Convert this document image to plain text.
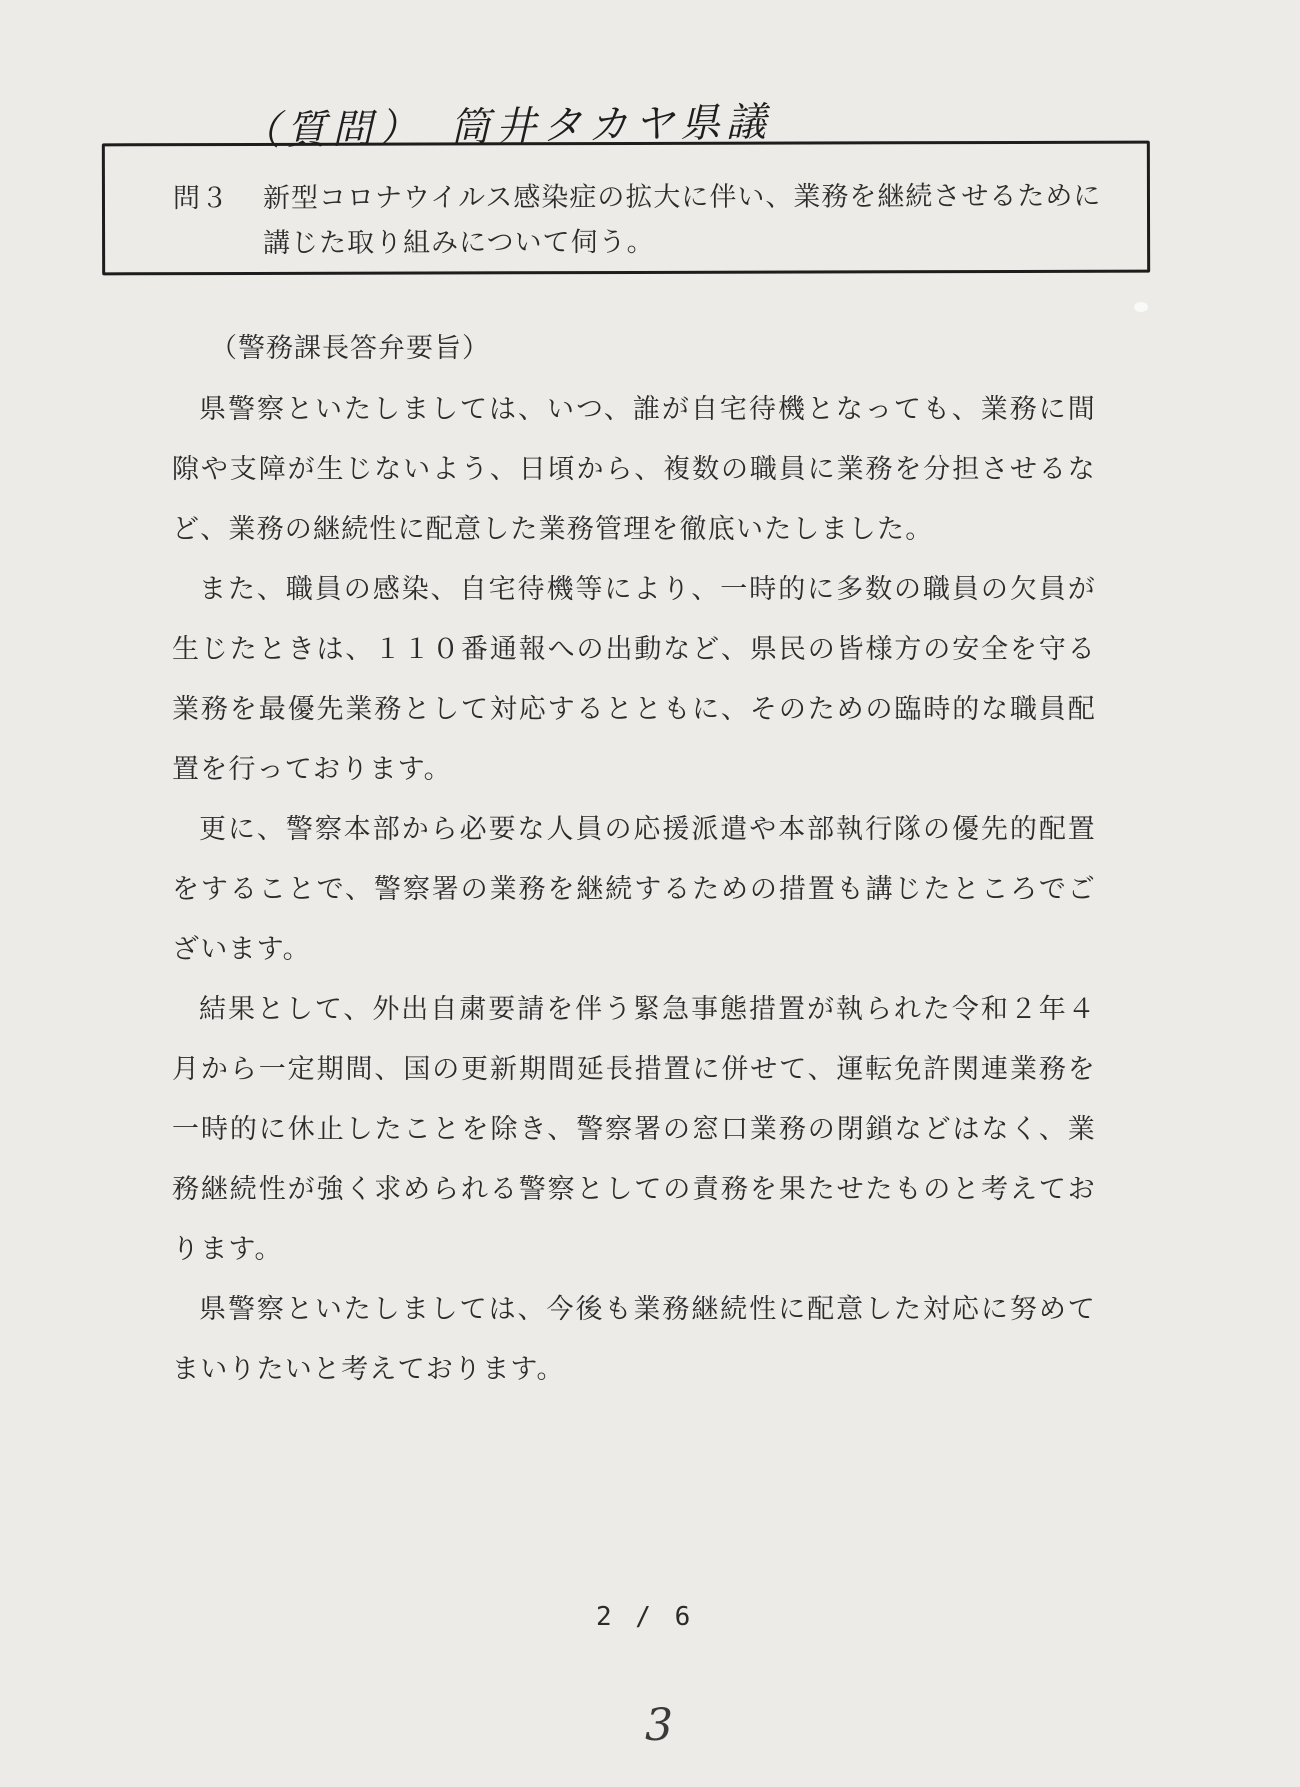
（質問）　筒井タカヤ県議
問３ 新型コロナウイルス感染症の拡大に伴い、業務を継続させるために講じた取り組みについて伺う。
（警務課長答弁要旨）

県警察といたしましては、いつ、誰が自宅待機となっても、業務に間隙や支障が生じないよう、日頃から、複数の職員に業務を分担させるなど、業務の継続性に配意した業務管理を徹底いたしました。

また、職員の感染、自宅待機等により、一時的に多数の職員の欠員が生じたときは、１１０番通報への出動など、県民の皆様方の安全を守る業務を最優先業務として対応するとともに、そのための臨時的な職員配置を行っております。

更に、警察本部から必要な人員の応援派遣や本部執行隊の優先的配置をすることで、警察署の業務を継続するための措置も講じたところでございます。

結果として、外出自粛要請を伴う緊急事態措置が執られた令和２年４月から一定期間、国の更新期間延長措置に併せて、運転免許関連業務を一時的に休止したことを除き、警察署の窓口業務の閉鎖などはなく、業務継続性が強く求められる警察としての責務を果たせたものと考えております。

県警察といたしましては、今後も業務継続性に配意した対応に努めてまいりたいと考えております。

2 / 6
3
